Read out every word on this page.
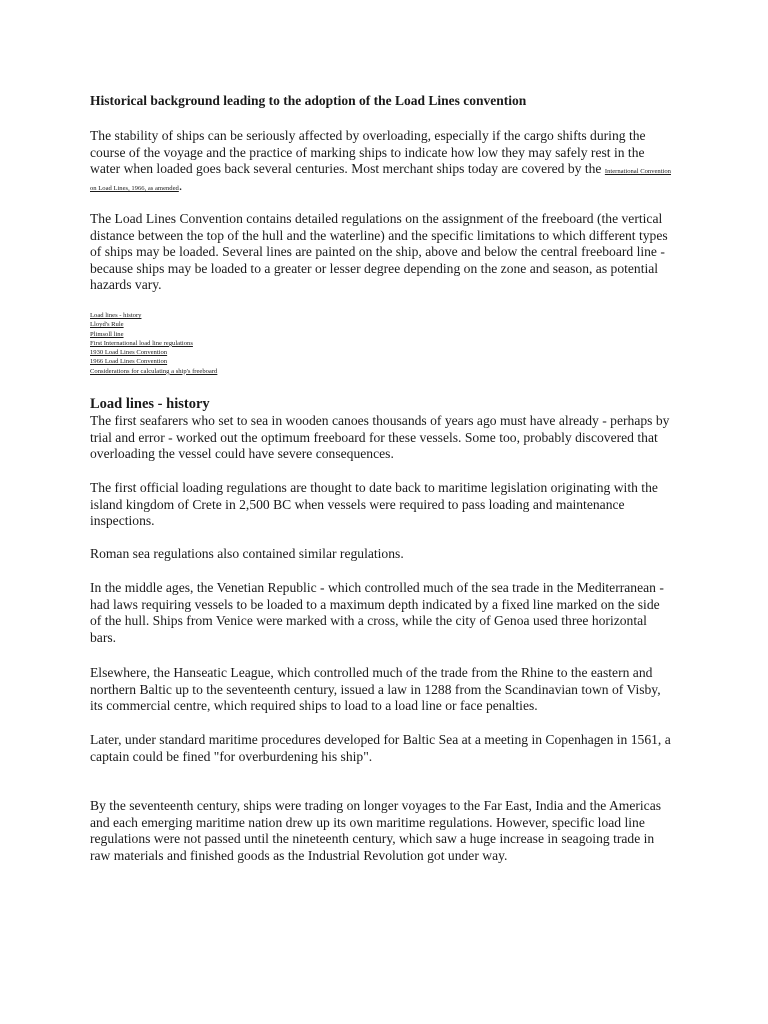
Historical background leading to the adoption of the Load Lines convention

The stability of ships can be seriously affected by overloading, especially if the cargo shifts during the course of the voyage and the practice of marking ships to indicate how low they may safely rest in the water when loaded goes back several centuries. Most merchant ships today are covered by the International Convention on Load Lines, 1966, as amended.

The Load Lines Convention contains detailed regulations on the assignment of the freeboard (the vertical distance between the top of the hull and the waterline) and the specific limitations to which different types of ships may be loaded. Several lines are painted on the ship, above and below the central freeboard line - because ships may be loaded to a greater or lesser degree depending on the zone and season, as potential hazards vary.

Load lines - history
Lloyd's Rule
Plimsoll line
First International load line regulations
1930 Load Lines Convention
1966 Load Lines Convention
Considerations for calculating a ship's freeboard
Load lines - history

The first seafarers who set to sea in wooden canoes thousands of years ago must have already - perhaps by trial and error - worked out the optimum freeboard for these vessels. Some too, probably discovered that overloading the vessel could have severe consequences.

The first official loading regulations are thought to date back to maritime legislation originating with the island kingdom of Crete in 2,500 BC when vessels were required to pass loading and maintenance inspections.

Roman sea regulations also contained similar regulations.

In the middle ages, the Venetian Republic - which controlled much of the sea trade in the Mediterranean - had laws requiring vessels to be loaded to a maximum depth indicated by a fixed line marked on the side of the hull. Ships from Venice were marked with a cross, while the city of Genoa used three horizontal bars.

Elsewhere, the Hanseatic League, which controlled much of the trade from the Rhine to the eastern and northern Baltic up to the seventeenth century, issued a law in 1288 from the Scandinavian town of Visby, its commercial centre, which required ships to load to a load line or face penalties.

Later, under standard maritime procedures developed for Baltic Sea at a meeting in Copenhagen in 1561, a captain could be fined "for overburdening his ship".

By the seventeenth century, ships were trading on longer voyages to the Far East, India and the Americas and each emerging maritime nation drew up its own maritime regulations. However, specific load line regulations were not passed until the nineteenth century, which saw a huge increase in seagoing trade in raw materials and finished goods as the Industrial Revolution got under way.
